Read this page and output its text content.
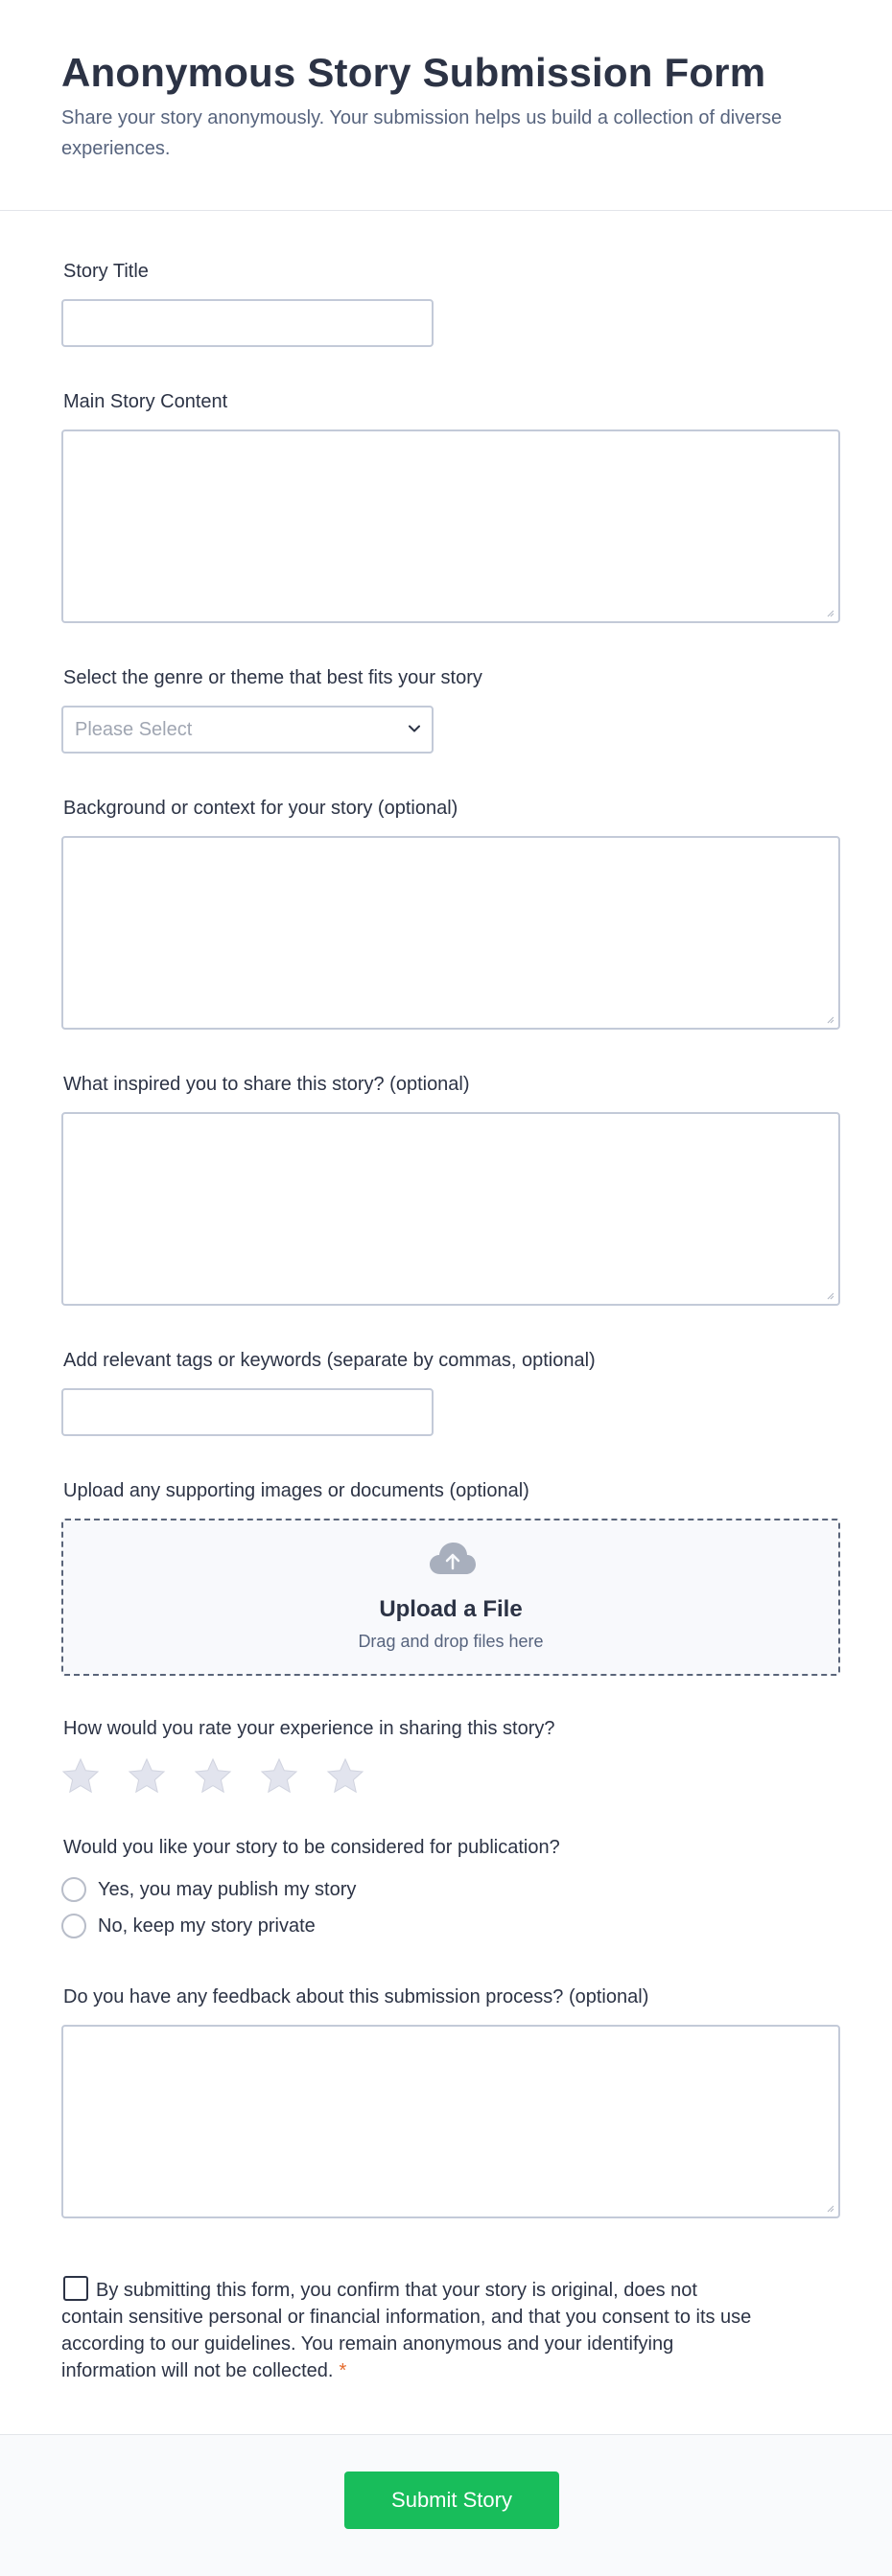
Anonymous Story Submission Form
Share your story anonymously. Your submission helps us build a collection of diverse experiences.
Story Title
Main Story Content
Select the genre or theme that best fits your story
Please Select
Background or context for your story (optional)
What inspired you to share this story? (optional)
Add relevant tags or keywords (separate by commas, optional)
Upload any supporting images or documents (optional)
Upload a File
Drag and drop files here
How would you rate your experience in sharing this story?
Would you like your story to be considered for publication?
Yes, you may publish my story
No, keep my story private
Do you have any feedback about this submission process? (optional)
By submitting this form, you confirm that your story is original, does not contain sensitive personal or financial information, and that you consent to its use according to our guidelines. You remain anonymous and your identifying information will not be collected. *
Submit Story
